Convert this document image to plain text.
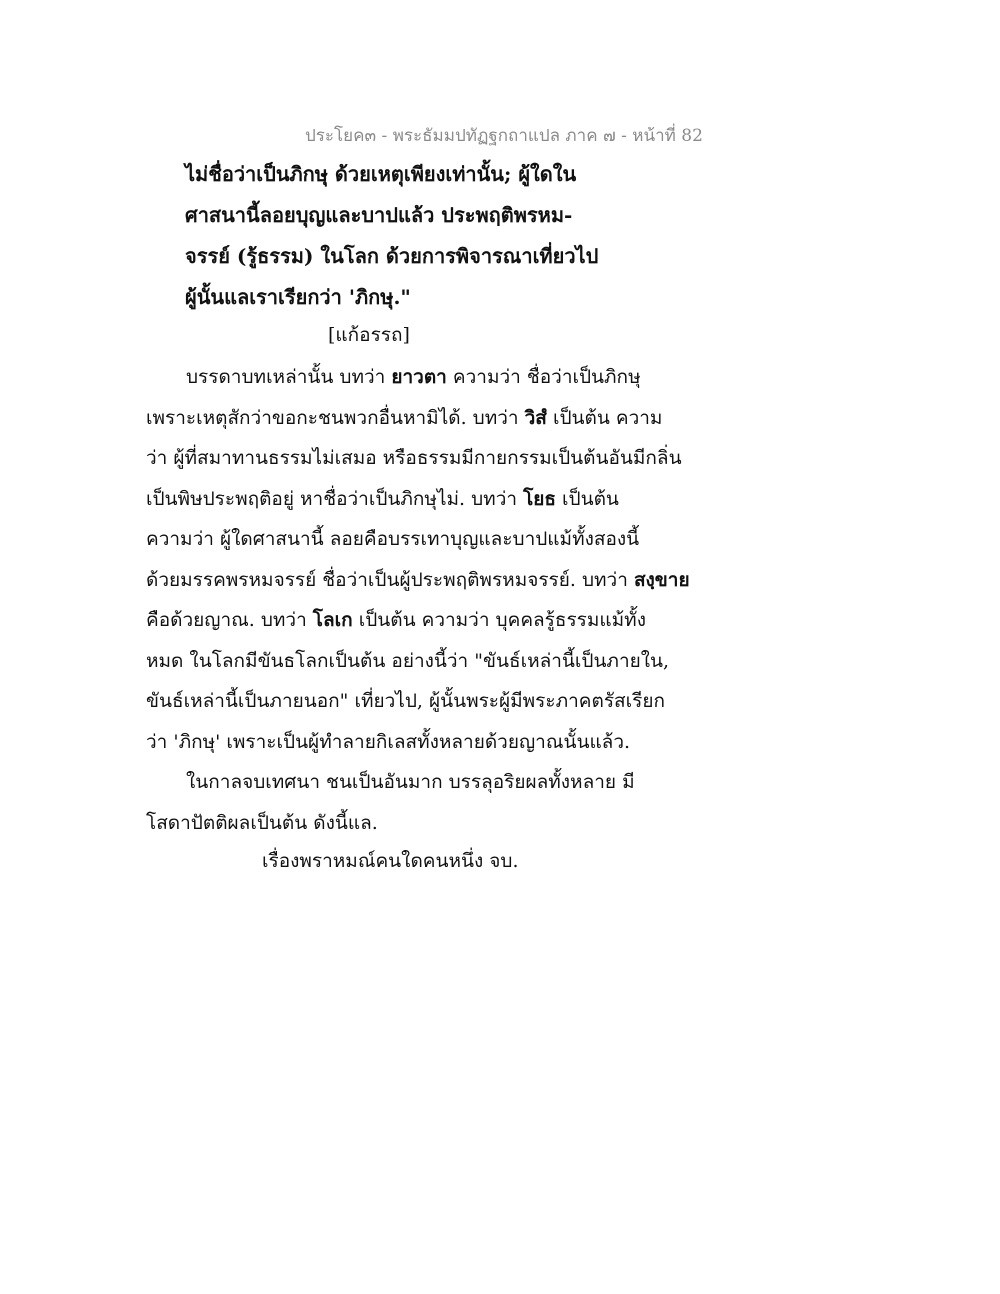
ประโยค๓ - พระธัมมปทัฏฐกถาแปล ภาค ๗ - หน้าที่ 82
ไม่ชื่อว่าเป็นภิกษุ ด้วยเหตุเพียงเท่านั้น; ผู้ใดใน
ศาสนานี้ลอยบุญและบาปแล้ว ประพฤติพรหม-
จรรย์ (รู้ธรรม) ในโลก ด้วยการพิจารณาเที่ยวไป
ผู้นั้นแลเราเรียกว่า 'ภิกษุ."
[แก้อรรถ]
บรรดาบทเหล่านั้น บทว่า ยาวตา ความว่า ชื่อว่าเป็นภิกษุ
เพราะเหตุสักว่าขอกะชนพวกอื่นหามิได้. บทว่า วิสํ เป็นต้น ความ
ว่า ผู้ที่สมาทานธรรมไม่เสมอ หรือธรรมมีกายกรรมเป็นต้นอันมีกลิ่น
เป็นพิษประพฤติอยู่ หาชื่อว่าเป็นภิกษุไม่. บทว่า โยธ เป็นต้น
ความว่า ผู้ใดศาสนานี้ ลอยคือบรรเทาบุญและบาปแม้ทั้งสองนี้
ด้วยมรรคพรหมจรรย์ ชื่อว่าเป็นผู้ประพฤติพรหมจรรย์. บทว่า สงฺขาย
คือด้วยญาณ. บทว่า โลเก เป็นต้น ความว่า บุคคลรู้ธรรมแม้ทั้ง
หมด ในโลกมีขันธโลกเป็นต้น อย่างนี้ว่า "ขันธ์เหล่านี้เป็นภายใน,
ขันธ์เหล่านี้เป็นภายนอก" เที่ยวไป, ผู้นั้นพระผู้มีพระภาคตรัสเรียก
ว่า 'ภิกษุ' เพราะเป็นผู้ทำลายกิเลสทั้งหลายด้วยญาณนั้นแล้ว.
ในกาลจบเทศนา ชนเป็นอันมาก บรรลุอริยผลทั้งหลาย มี
โสดาปัตติผลเป็นต้น ดังนี้แล.
เรื่องพราหมณ์คนใดคนหนึ่ง จบ.
